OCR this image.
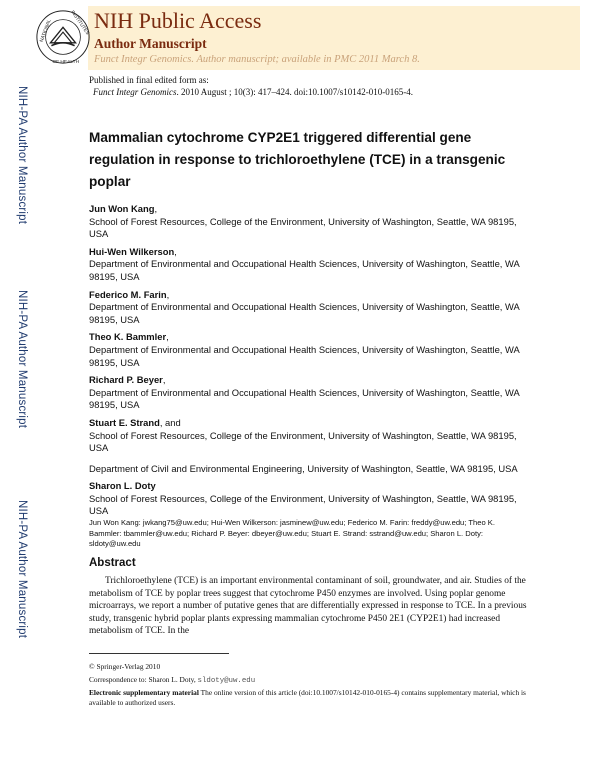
NATIONAL	INSTITUTES
OF HEALTH
NIH Public Access
Author Manuscript
Funct Integr Genomics. Author manuscript; available in PMC 2011 March 8.
Published in final edited form as:
Funct Integr Genomics. 2010 August ; 10(3): 417–424. doi:10.1007/s10142-010-0165-4.
NIH-PA Author Manuscript
NIH-PA Author Manuscript
NIH-PA Author Manuscript
Mammalian cytochrome CYP2E1 triggered differential gene regulation in response to trichloroethylene (TCE) in a transgenic poplar
Jun Won Kang,
School of Forest Resources, College of the Environment, University of Washington, Seattle, WA 98195, USA
Hui-Wen Wilkerson,
Department of Environmental and Occupational Health Sciences, University of Washington, Seattle, WA 98195, USA
Federico M. Farin,
Department of Environmental and Occupational Health Sciences, University of Washington, Seattle, WA 98195, USA
Theo K. Bammler,
Department of Environmental and Occupational Health Sciences, University of Washington, Seattle, WA 98195, USA
Richard P. Beyer,
Department of Environmental and Occupational Health Sciences, University of Washington, Seattle, WA 98195, USA
Stuart E. Strand, and
School of Forest Resources, College of the Environment, University of Washington, Seattle, WA 98195, USA
Department of Civil and Environmental Engineering, University of Washington, Seattle, WA 98195, USA
Sharon L. Doty
School of Forest Resources, College of the Environment, University of Washington, Seattle, WA 98195, USA
Jun Won Kang: jwkang75@uw.edu; Hui-Wen Wilkerson: jasminew@uw.edu; Federico M. Farin: freddy@uw.edu; Theo K. Bammler: tbammler@uw.edu; Richard P. Beyer: dbeyer@uw.edu; Stuart E. Strand: sstrand@uw.edu; Sharon L. Doty: sldoty@uw.edu
Abstract
Trichloroethylene (TCE) is an important environmental contaminant of soil, groundwater, and air. Studies of the metabolism of TCE by poplar trees suggest that cytochrome P450 enzymes are involved. Using poplar genome microarrays, we report a number of putative genes that are differentially expressed in response to TCE. In a previous study, transgenic hybrid poplar plants expressing mammalian cytochrome P450 2E1 (CYP2E1) had increased metabolism of TCE. In the
© Springer-Verlag 2010
Correspondence to: Sharon L. Doty, sldoty@uw.edu
Electronic supplementary material The online version of this article (doi:10.1007/s10142-010-0165-4) contains supplementary material, which is available to authorized users.
